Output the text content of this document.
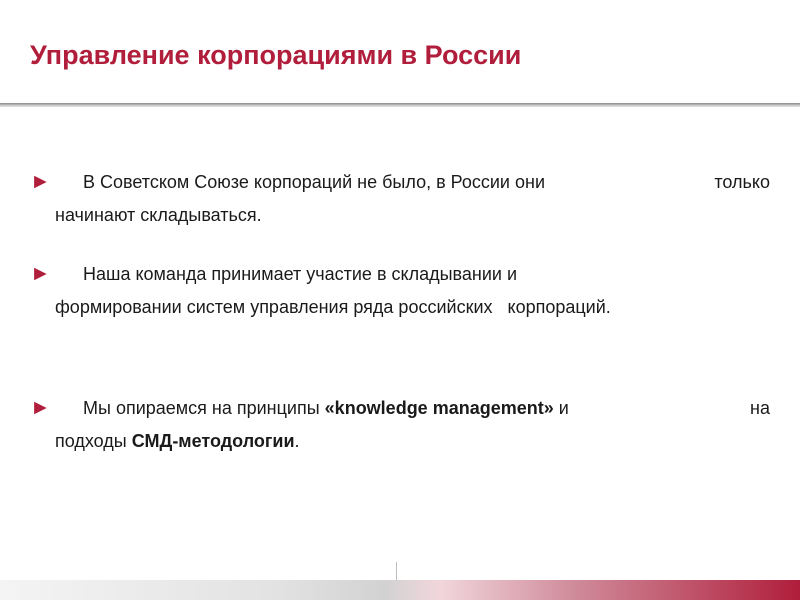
Управление корпорациями в России

►     В Советском Союзе корпораций не было, в России они	только

начинают складываться.

►     Наша команда принимает участие в складывании и

формировании систем управления ряда российских   корпораций.

►     Мы опираемся на принципы «knowledge management» и	на

подходы СМД-методологии.
